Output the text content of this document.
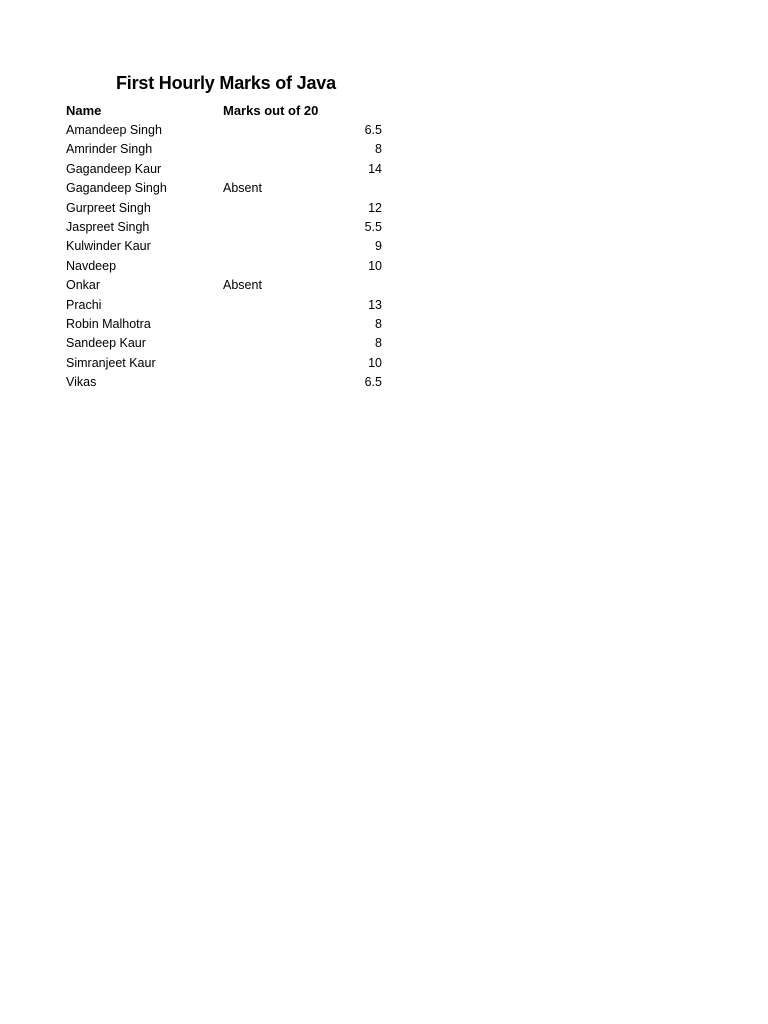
First Hourly Marks of Java
Name	Marks out of 20
Amandeep Singh	6.5
Amrinder Singh	8
Gagandeep Kaur	14
Gagandeep Singh	Absent
Gurpreet Singh	12
Jaspreet Singh	5.5
Kulwinder Kaur	9
Navdeep	10
Onkar	Absent
Prachi	13
Robin Malhotra	8
Sandeep Kaur	8
Simranjeet Kaur	10
Vikas	6.5
